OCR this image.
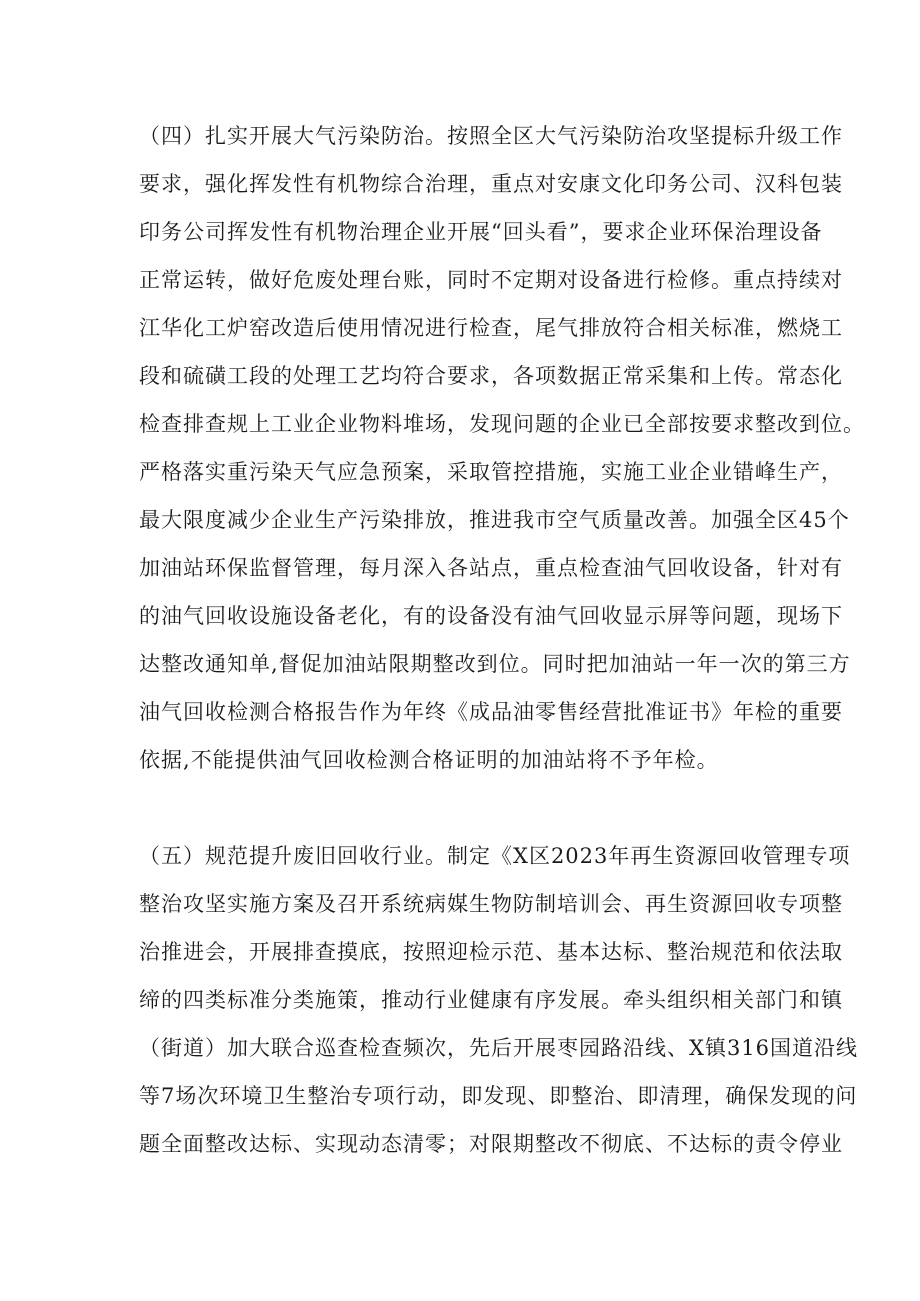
（四）扎实开展大气污染防治。按照全区大气污染防治攻坚提标升级工作
要求，强化挥发性有机物综合治理，重点对安康文化印务公司、汉科包装
印务公司挥发性有机物治理企业开展“回头看”，要求企业环保治理设备
正常运转，做好危废处理台账，同时不定期对设备进行检修。重点持续对
江华化工炉窑改造后使用情况进行检查，尾气排放符合相关标准，燃烧工
段和硫磺工段的处理工艺均符合要求，各项数据正常采集和上传。常态化
检查排查规上工业企业物料堆场，发现问题的企业已全部按要求整改到位。
严格落实重污染天气应急预案，采取管控措施，实施工业企业错峰生产，
最大限度减少企业生产污染排放，推进我市空气质量改善。加强全区45个
加油站环保监督管理，每月深入各站点，重点检查油气回收设备，针对有
的油气回收设施设备老化，有的设备没有油气回收显示屏等问题，现场下
达整改通知单,督促加油站限期整改到位。同时把加油站一年一次的第三方
油气回收检测合格报告作为年终《成品油零售经营批准证书》年检的重要
依据,不能提供油气回收检测合格证明的加油站将不予年检。
（五）规范提升废旧回收行业。制定《X区2023年再生资源回收管理专项
整治攻坚实施方案及召开系统病媒生物防制培训会、再生资源回收专项整
治推进会，开展排查摸底，按照迎检示范、基本达标、整治规范和依法取
缔的四类标准分类施策，推动行业健康有序发展。牵头组织相关部门和镇
（街道）加大联合巡查检查频次，先后开展枣园路沿线、X镇316国道沿线
等7场次环境卫生整治专项行动，即发现、即整治、即清理，确保发现的问
题全面整改达标、实现动态清零；对限期整改不彻底、不达标的责令停业
